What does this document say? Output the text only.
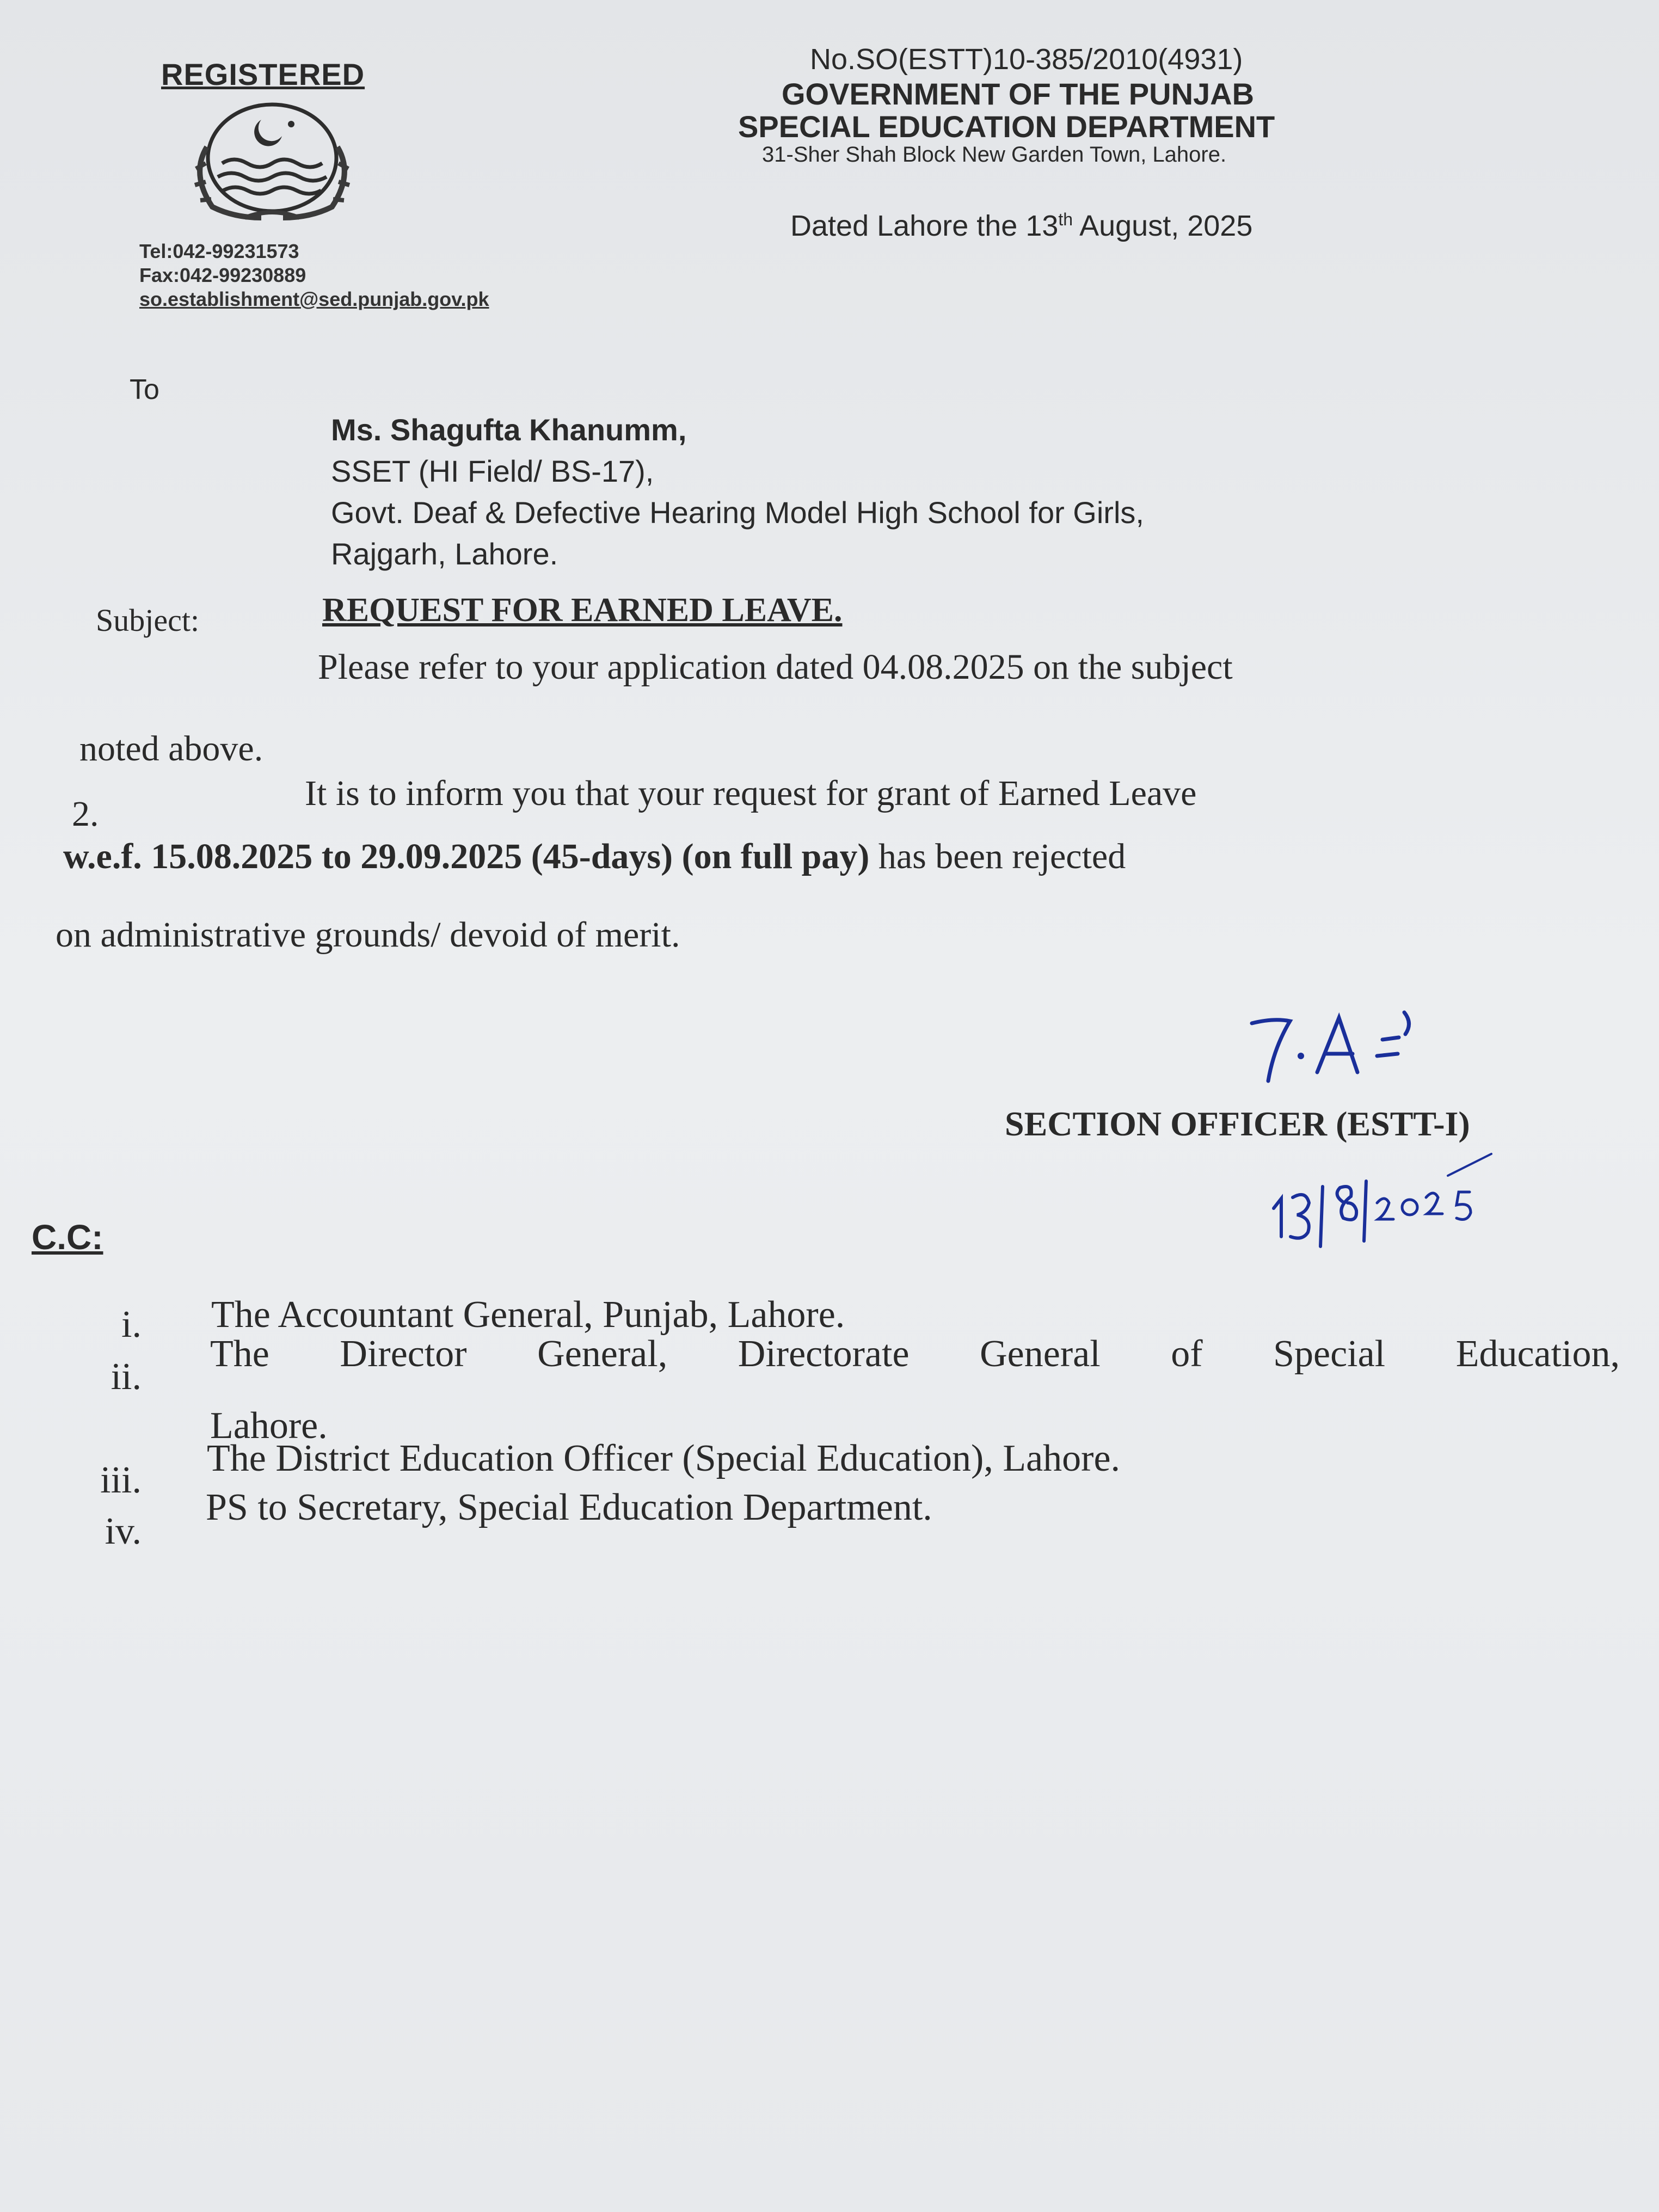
REGISTERED
Tel:042-99231573
Fax:042-99230889
so.establishment@sed.punjab.gov.pk
No.SO(ESTT)10-385/2010(4931)
GOVERNMENT OF THE PUNJAB
SPECIAL EDUCATION DEPARTMENT
31-Sher Shah Block New Garden Town, Lahore.
Dated Lahore the 13th August, 2025
To
Ms. Shagufta Khanumm,
SSET (HI Field/ BS-17),
Govt. Deaf & Defective Hearing Model High School for Girls,
Rajgarh, Lahore.
Subject:	REQUEST FOR EARNED LEAVE.
Please refer to your application dated 04.08.2025 on the subject
noted above.
2.
It is to inform you that your request for grant of Earned Leave
w.e.f. 15.08.2025 to 29.09.2025 (45-days) (on full pay) has been rejected
on administrative grounds/ devoid of merit.
SECTION OFFICER (ESTT-I)
C.C:
i. The Accountant General, Punjab, Lahore.
ii.
The Director General, Directorate General of Special Education,
Lahore.
iii.
The District Education Officer (Special Education), Lahore.
iv.
PS to Secretary, Special Education Department.
